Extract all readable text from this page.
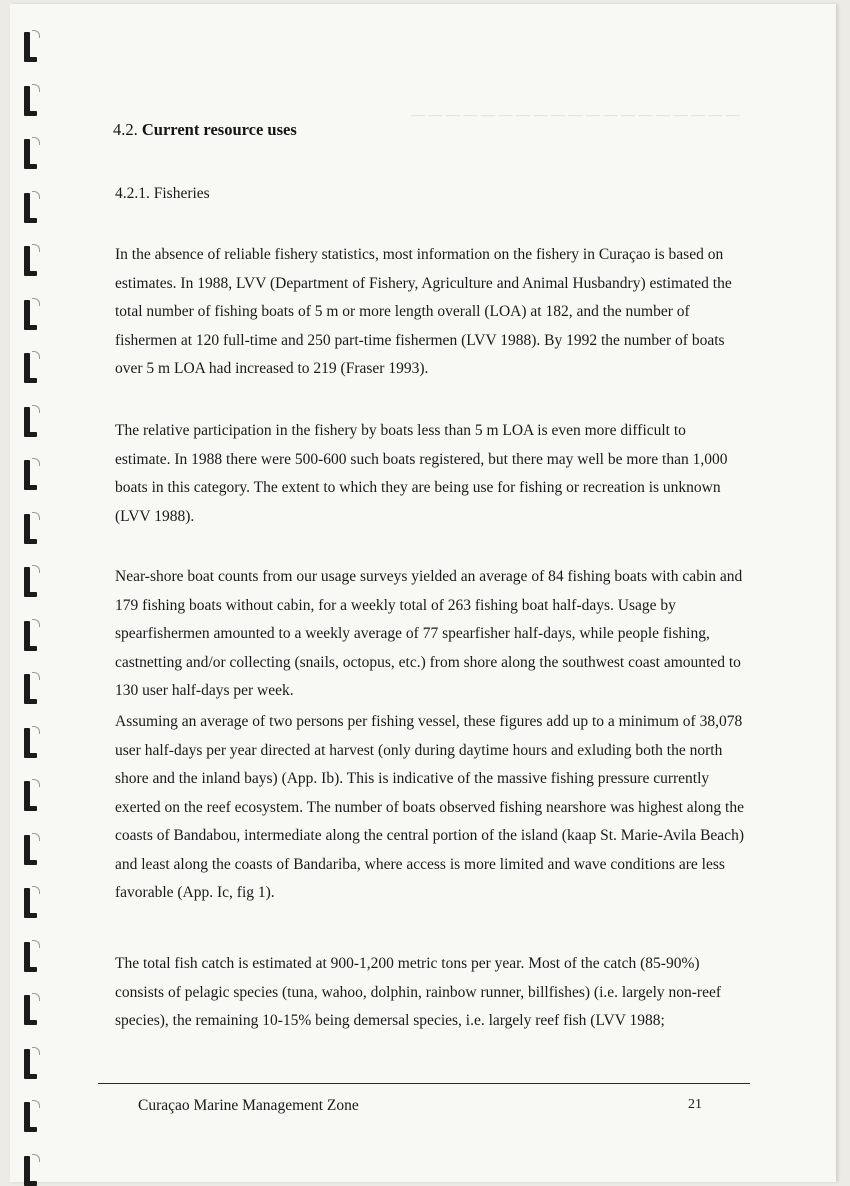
— — — — — — — — — — — — — — — — — — —
4.2. Current resource uses
4.2.1. Fisheries

In the absence of reliable fishery statistics, most information on the fishery in Curaçao is based on estimates. In 1988, LVV (Department of Fishery, Agriculture and Animal Husbandry) estimated the total number of fishing boats of 5 m or more length overall (LOA) at 182, and the number of fishermen at 120 full-time and 250 part-time fishermen (LVV 1988). By 1992 the number of boats over 5 m LOA had increased to 219 (Fraser 1993).

The relative participation in the fishery by boats less than 5 m LOA is even more difficult to estimate. In 1988 there were 500-600 such boats registered, but there may well be more than 1,000 boats in this category. The extent to which they are being use for fishing or recreation is unknown (LVV 1988).

Near-shore boat counts from our usage surveys yielded an average of 84 fishing boats with cabin and 179 fishing boats without cabin, for a weekly total of 263 fishing boat half-days. Usage by spearfishermen amounted to a weekly average of 77 spearfisher half-days, while people fishing, castnetting and/or collecting (snails, octopus, etc.) from shore along the southwest coast amounted to 130 user half-days per week.

Assuming an average of two persons per fishing vessel, these figures add up to a minimum of 38,078 user half-days per year directed at harvest (only during daytime hours and exluding both the north shore and the inland bays) (App. Ib). This is indicative of the massive fishing pressure currently exerted on the reef ecosystem. The number of boats observed fishing nearshore was highest along the coasts of Bandabou, intermediate along the central portion of the island (kaap St. Marie-Avila Beach) and least along the coasts of Bandariba, where access is more limited and wave conditions are less favorable (App. Ic, fig 1).

The total fish catch is estimated at 900-1,200 metric tons per year. Most of the catch (85-90%) consists of pelagic species (tuna, wahoo, dolphin, rainbow runner, billfishes) (i.e. largely non-reef species), the remaining 10-15% being demersal species, i.e. largely reef fish (LVV 1988;

Curaçao Marine Management Zone	21
